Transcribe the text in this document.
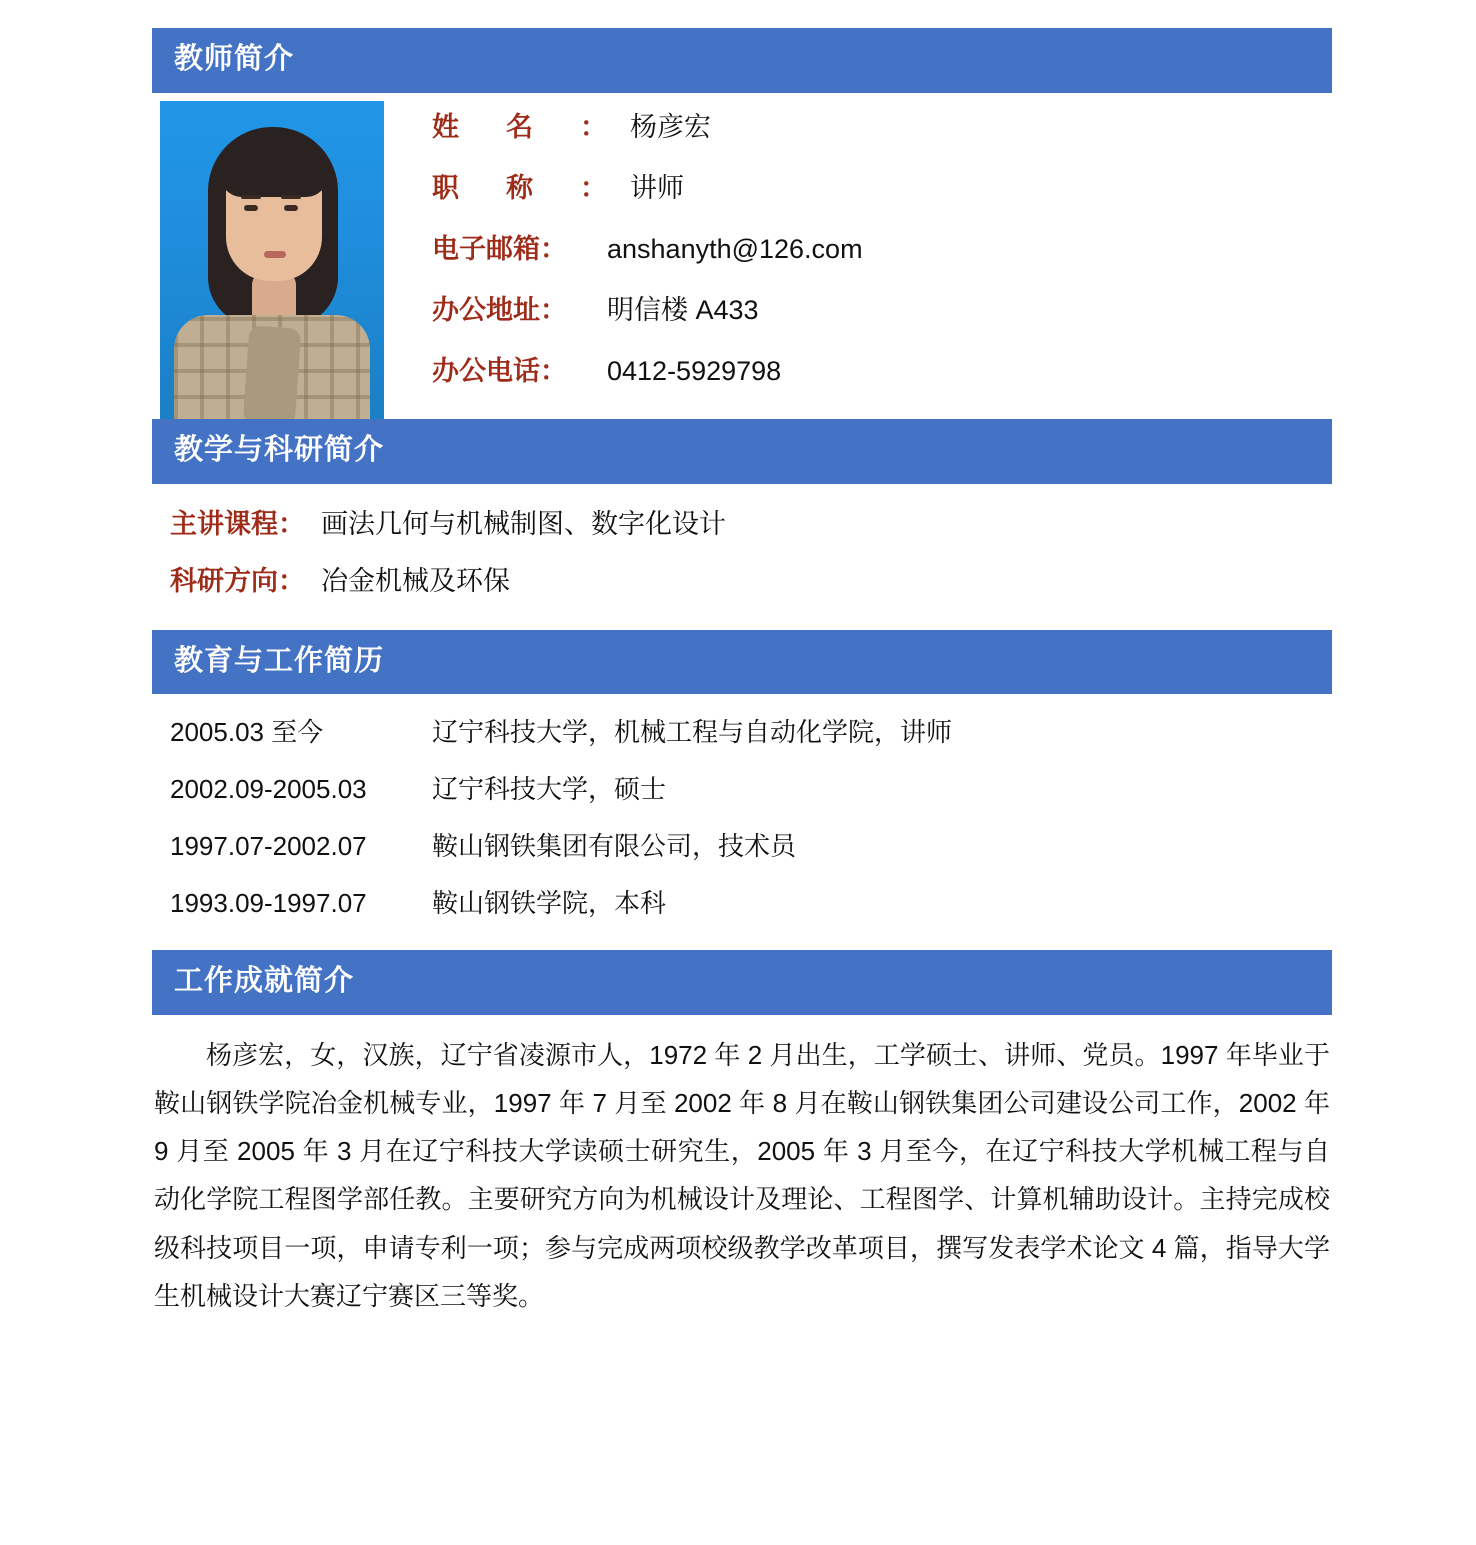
教师简介
姓 名 ： 杨彦宏
职 称 ： 讲师
电子邮箱：	anshanyth@126.com
办公地址：	明信楼 A433
办公电话：	0412-5929798
教学与科研简介
主讲课程： 画法几何与机械制图、数字化设计
科研方向： 冶金机械及环保
教育与工作简历
2005.03 至今	辽宁科技大学，机械工程与自动化学院，讲师
2002.09-2005.03	辽宁科技大学，硕士
1997.07-2002.07	鞍山钢铁集团有限公司，技术员
1993.09-1997.07	鞍山钢铁学院，本科
工作成就简介

杨彦宏，女，汉族，辽宁省凌源市人，1972 年 2 月出生，工学硕士、讲师、党员。1997 年毕业于鞍山钢铁学院冶金机械专业，1997 年 7 月至 2002 年 8 月在鞍山钢铁集团公司建设公司工作，2002 年 9 月至 2005 年 3 月在辽宁科技大学读硕士研究生，2005 年 3 月至今，在辽宁科技大学机械工程与自动化学院工程图学部任教。主要研究方向为机械设计及理论、工程图学、计算机辅助设计。主持完成校级科技项目一项，申请专利一项；参与完成两项校级教学改革项目，撰写发表学术论文 4 篇，指导大学生机械设计大赛辽宁赛区三等奖。
